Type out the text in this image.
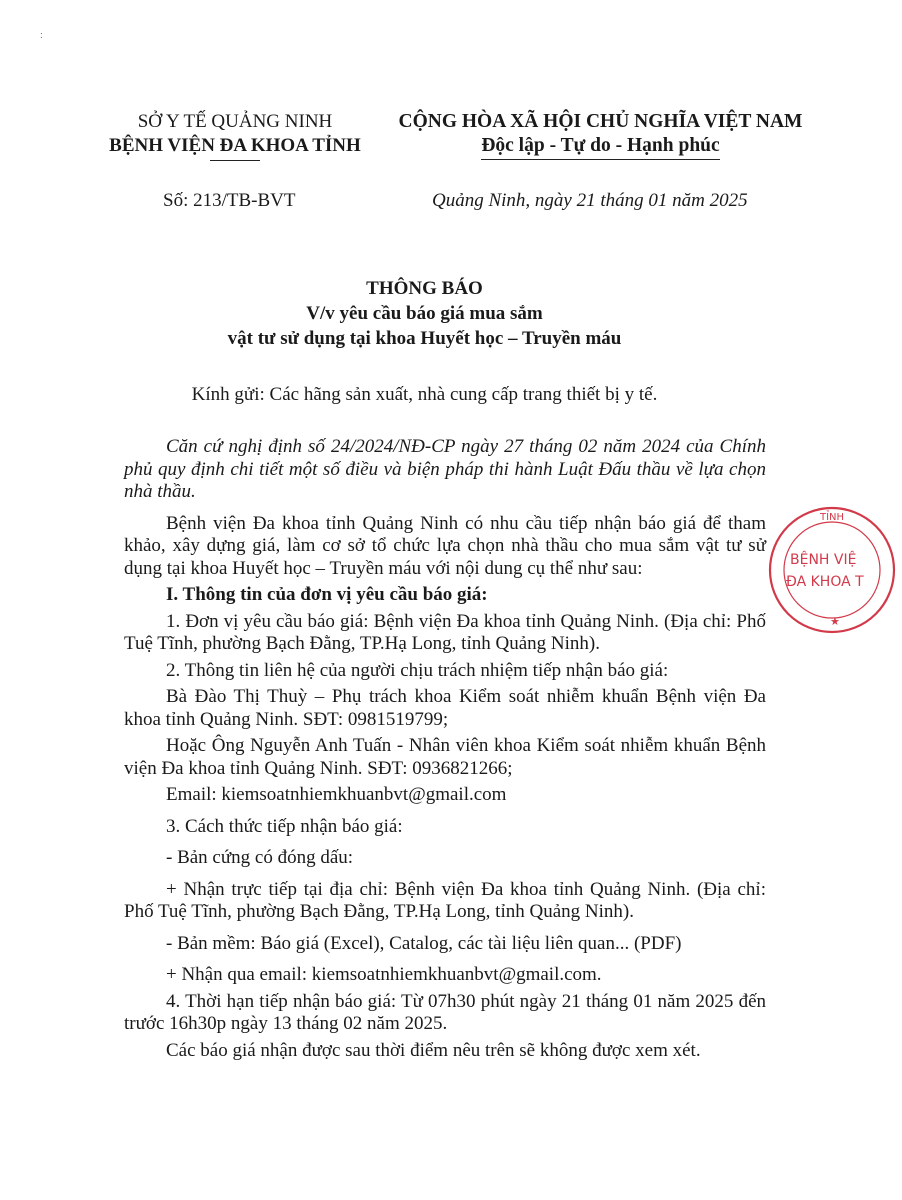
ː
SỞ Y TẾ QUẢNG NINH
BỆNH VIỆN ĐA KHOA TỈNH
CỘNG HÒA XÃ HỘI CHỦ NGHĨA VIỆT NAM
Độc lập - Tự do - Hạnh phúc
Số: 213/TB-BVT	Quảng Ninh, ngày 21 tháng 01 năm 2025
THÔNG BÁO
V/v yêu cầu báo giá mua sắm
vật tư sử dụng tại khoa Huyết học – Truyền máu
Kính gửi: Các hãng sản xuất, nhà cung cấp trang thiết bị y tế.

Căn cứ nghị định số 24/2024/NĐ-CP ngày 27 tháng 02 năm 2024 của Chính phủ quy định chi tiết một số điều và biện pháp thi hành Luật Đấu thầu về lựa chọn nhà thầu.

Bệnh viện Đa khoa tỉnh Quảng Ninh có nhu cầu tiếp nhận báo giá để tham khảo, xây dựng giá, làm cơ sở tổ chức lựa chọn nhà thầu cho mua sắm vật tư sử dụng tại khoa Huyết học – Truyền máu với nội dung cụ thể như sau:

I. Thông tin của đơn vị yêu cầu báo giá:

1. Đơn vị yêu cầu báo giá: Bệnh viện Đa khoa tỉnh Quảng Ninh. (Địa chỉ: Phố Tuệ Tĩnh, phường Bạch Đằng, TP.Hạ Long, tỉnh Quảng Ninh).

2. Thông tin liên hệ của người chịu trách nhiệm tiếp nhận báo giá:

Bà Đào Thị Thuỳ – Phụ trách khoa Kiểm soát nhiễm khuẩn Bệnh viện Đa khoa tỉnh Quảng Ninh. SĐT: 0981519799;

Hoặc Ông Nguyễn Anh Tuấn - Nhân viên khoa Kiểm soát nhiễm khuẩn Bệnh viện Đa khoa tỉnh Quảng Ninh. SĐT: 0936821266;

Email: kiemsoatnhiemkhuanbvt@gmail.com

3. Cách thức tiếp nhận báo giá:

- Bản cứng có đóng dấu:

+ Nhận trực tiếp tại địa chỉ: Bệnh viện Đa khoa tỉnh Quảng Ninh. (Địa chỉ: Phố Tuệ Tĩnh, phường Bạch Đằng, TP.Hạ Long, tỉnh Quảng Ninh).

- Bản mềm: Báo giá (Excel), Catalog, các tài liệu liên quan... (PDF)

+ Nhận qua email: kiemsoatnhiemkhuanbvt@gmail.com.

4. Thời hạn tiếp nhận báo giá: Từ 07h30 phút ngày 21 tháng 01 năm 2025 đến trước 16h30p ngày 13 tháng 02 năm 2025.

Các báo giá nhận được sau thời điểm nêu trên sẽ không được xem xét.

TỈNH
BỆNH VIỆ
ĐA KHOA T
★
